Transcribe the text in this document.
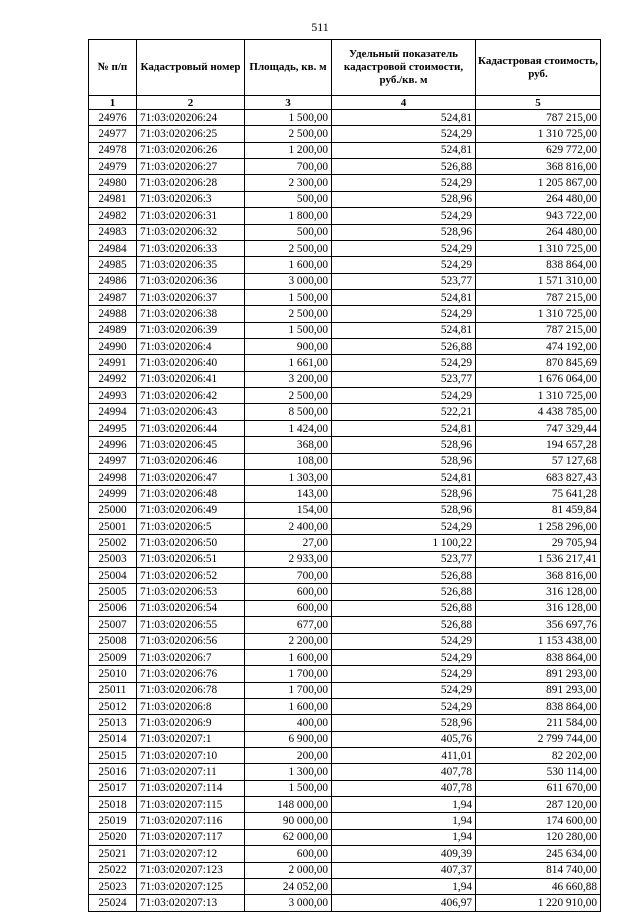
511
№ п/п	Кадастровый номер	Площадь, кв. м	Удельный показатель кадастровой стоимости, руб./кв. м	Кадастровая стоимость, руб.
1	2	3	4	5
24976	71:03:020206:24	1 500,00	524,81	787 215,00
24977	71:03:020206:25	2 500,00	524,29	1 310 725,00
24978	71:03:020206:26	1 200,00	524,81	629 772,00
24979	71:03:020206:27	700,00	526,88	368 816,00
24980	71:03:020206:28	2 300,00	524,29	1 205 867,00
24981	71:03:020206:3	500,00	528,96	264 480,00
24982	71:03:020206:31	1 800,00	524,29	943 722,00
24983	71:03:020206:32	500,00	528,96	264 480,00
24984	71:03:020206:33	2 500,00	524,29	1 310 725,00
24985	71:03:020206:35	1 600,00	524,29	838 864,00
24986	71:03:020206:36	3 000,00	523,77	1 571 310,00
24987	71:03:020206:37	1 500,00	524,81	787 215,00
24988	71:03:020206:38	2 500,00	524,29	1 310 725,00
24989	71:03:020206:39	1 500,00	524,81	787 215,00
24990	71:03:020206:4	900,00	526,88	474 192,00
24991	71:03:020206:40	1 661,00	524,29	870 845,69
24992	71:03:020206:41	3 200,00	523,77	1 676 064,00
24993	71:03:020206:42	2 500,00	524,29	1 310 725,00
24994	71:03:020206:43	8 500,00	522,21	4 438 785,00
24995	71:03:020206:44	1 424,00	524,81	747 329,44
24996	71:03:020206:45	368,00	528,96	194 657,28
24997	71:03:020206:46	108,00	528,96	57 127,68
24998	71:03:020206:47	1 303,00	524,81	683 827,43
24999	71:03:020206:48	143,00	528,96	75 641,28
25000	71:03:020206:49	154,00	528,96	81 459,84
25001	71:03:020206:5	2 400,00	524,29	1 258 296,00
25002	71:03:020206:50	27,00	1 100,22	29 705,94
25003	71:03:020206:51	2 933,00	523,77	1 536 217,41
25004	71:03:020206:52	700,00	526,88	368 816,00
25005	71:03:020206:53	600,00	526,88	316 128,00
25006	71:03:020206:54	600,00	526,88	316 128,00
25007	71:03:020206:55	677,00	526,88	356 697,76
25008	71:03:020206:56	2 200,00	524,29	1 153 438,00
25009	71:03:020206:7	1 600,00	524,29	838 864,00
25010	71:03:020206:76	1 700,00	524,29	891 293,00
25011	71:03:020206:78	1 700,00	524,29	891 293,00
25012	71:03:020206:8	1 600,00	524,29	838 864,00
25013	71:03:020206:9	400,00	528,96	211 584,00
25014	71:03:020207:1	6 900,00	405,76	2 799 744,00
25015	71:03:020207:10	200,00	411,01	82 202,00
25016	71:03:020207:11	1 300,00	407,78	530 114,00
25017	71:03:020207:114	1 500,00	407,78	611 670,00
25018	71:03:020207:115	148 000,00	1,94	287 120,00
25019	71:03:020207:116	90 000,00	1,94	174 600,00
25020	71:03:020207:117	62 000,00	1,94	120 280,00
25021	71:03:020207:12	600,00	409,39	245 634,00
25022	71:03:020207:123	2 000,00	407,37	814 740,00
25023	71:03:020207:125	24 052,00	1,94	46 660,88
25024	71:03:020207:13	3 000,00	406,97	1 220 910,00
